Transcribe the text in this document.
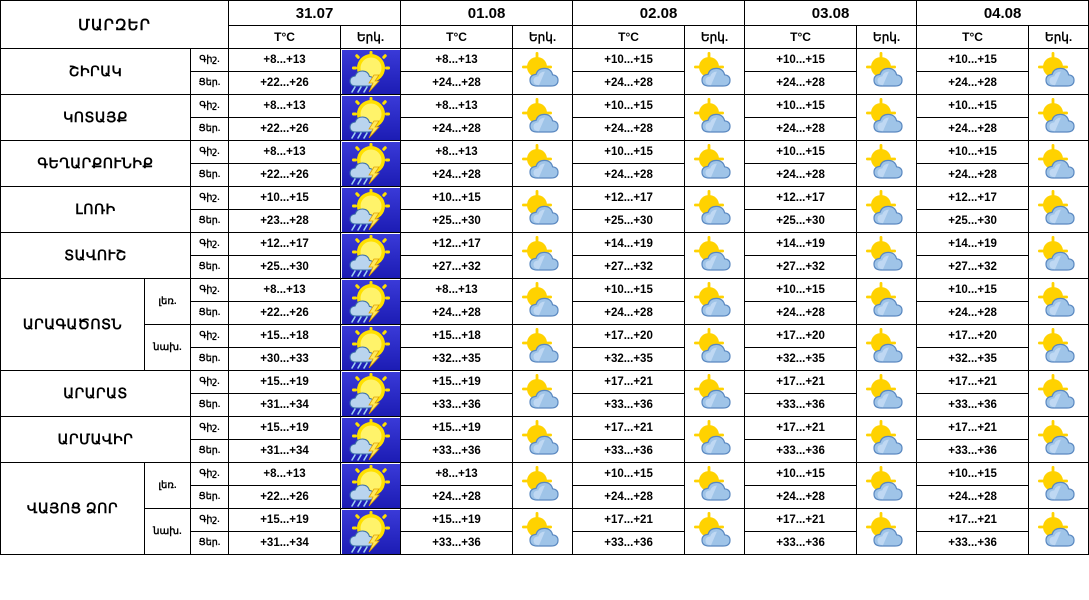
ՄԱՐԶԵՐ			31.07		01.08		02.08		03.08		04.08	
			T°C	Երկ.	T°C	Երկ.	T°C	Երկ.	T°C	Երկ.	T°C	Երկ.
ՇԻՐԱԿ		Գիշ.	+8...+13		+8...+13		+10...+15		+10...+15		+10...+15	

		Ցեր.	+22...+26		+24...+28		+24...+28		+24...+28		+24...+28	
ԿՈՏԱՅՔ		Գիշ.	+8...+13		+8...+13		+10...+15		+10...+15		+10...+15	

		Ցեր.	+22...+26		+24...+28		+24...+28		+24...+28		+24...+28	
ԳԵՂԱՐՔՈՒՆԻՔ		Գիշ.	+8...+13		+8...+13		+10...+15		+10...+15		+10...+15	

		Ցեր.	+22...+26		+24...+28		+24...+28		+24...+28		+24...+28	
ԼՈՌԻ		Գիշ.	+10...+15		+10...+15		+12...+17		+12...+17		+12...+17	

		Ցեր.	+23...+28		+25...+30		+25...+30		+25...+30		+25...+30	
ՏԱՎՈՒՇ		Գիշ.	+12...+17		+12...+17		+14...+19		+14...+19		+14...+19	

		Ցեր.	+25...+30		+27...+32		+27...+32		+27...+32		+27...+32	
ԱՐԱԳԱԾՈՏՆ	լեռ.	Գիշ.	+8...+13		+8...+13		+10...+15		+10...+15		+10...+15	

		Ցեր.	+22...+26		+24...+28		+24...+28		+24...+28		+24...+28	
	նախ.	Գիշ.	+15...+18		+15...+18		+17...+20		+17...+20		+17...+20	

		Ցեր.	+30...+33		+32...+35		+32...+35		+32...+35		+32...+35	
ԱՐԱՐԱՏ		Գիշ.	+15...+19		+15...+19		+17...+21		+17...+21		+17...+21	

		Ցեր.	+31...+34		+33...+36		+33...+36		+33...+36		+33...+36	
ԱՐՄԱՎԻՐ		Գիշ.	+15...+19		+15...+19		+17...+21		+17...+21		+17...+21	

		Ցեր.	+31...+34		+33...+36		+33...+36		+33...+36		+33...+36	
ՎԱՅՈՑ ՁՈՐ	լեռ.	Գիշ.	+8...+13		+8...+13		+10...+15		+10...+15		+10...+15	

		Ցեր.	+22...+26		+24...+28		+24...+28		+24...+28		+24...+28	
	նախ.	Գիշ.	+15...+19		+15...+19		+17...+21		+17...+21		+17...+21	

		Ցեր.	+31...+34		+33...+36		+33...+36		+33...+36		+33...+36	
